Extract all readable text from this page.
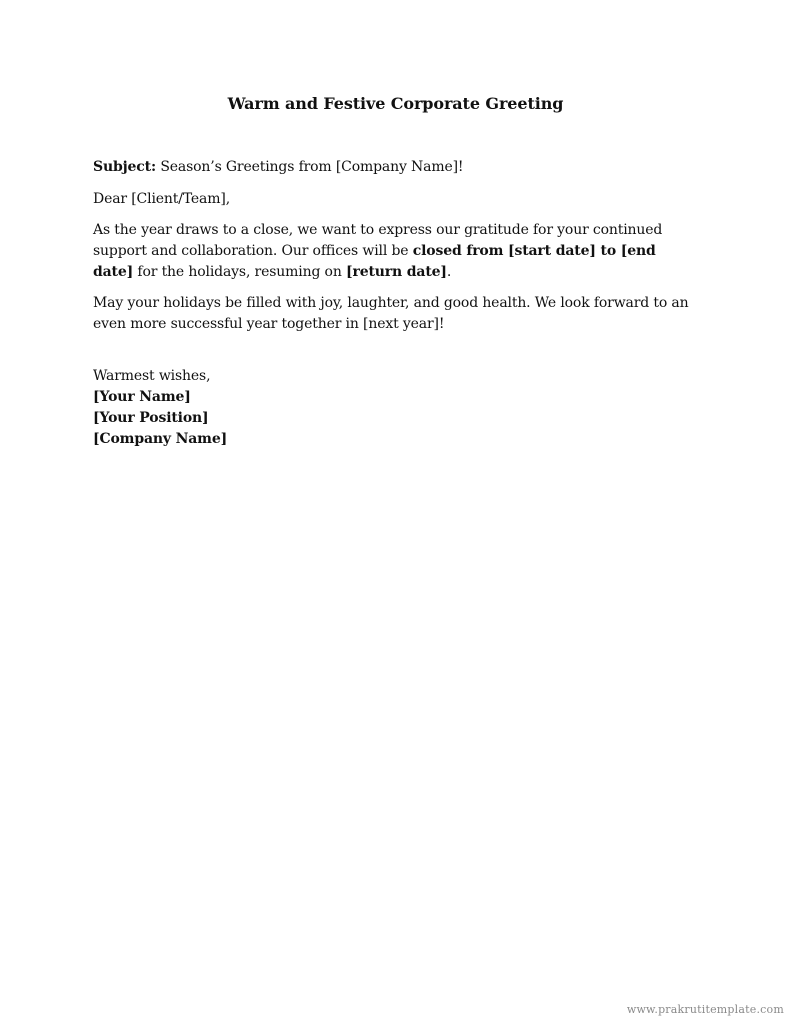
Warm and Festive Corporate Greeting

Subject: Season’s Greetings from [Company Name]!

Dear [Client/Team],

As the year draws to a close, we want to express our gratitude for your continued support and collaboration. Our offices will be closed from [start date] to [end date] for the holidays, resuming on [return date].

May your holidays be filled with joy, laughter, and good health. We look forward to an even more successful year together in [next year]!

Warmest wishes,

[Your Name]

[Your Position]

[Company Name]

www.prakrutitemplate.com
